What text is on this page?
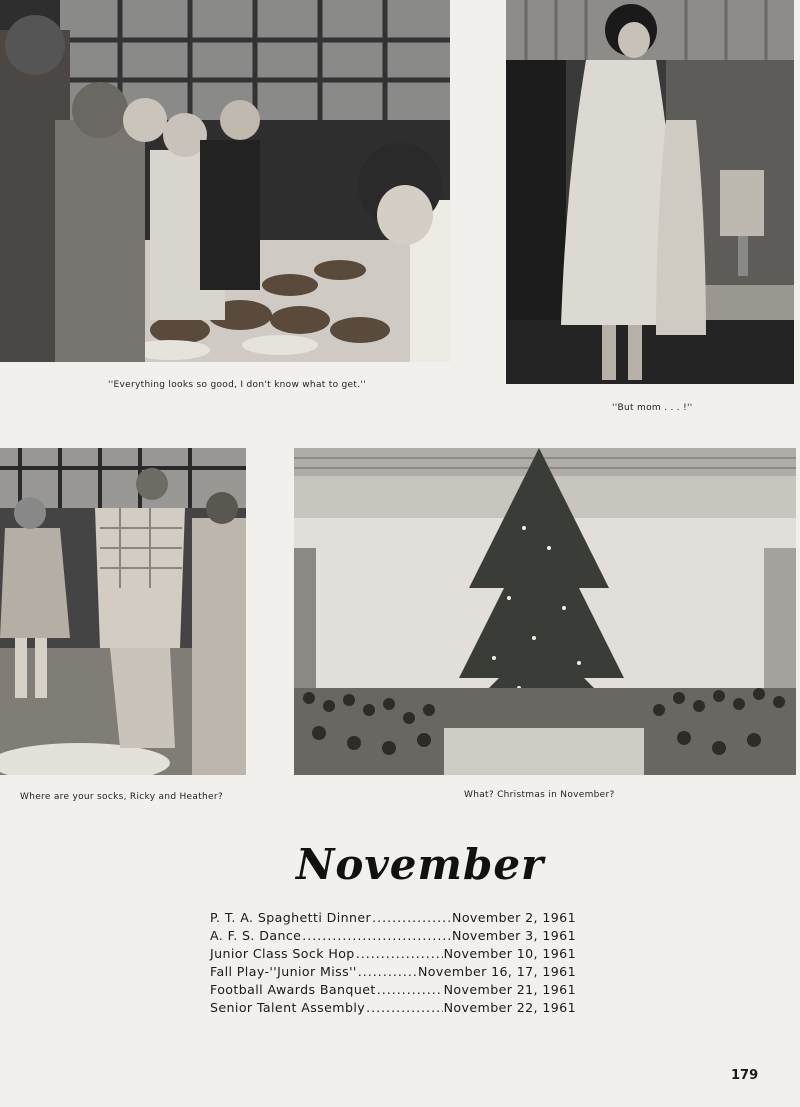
''Everything looks so good, I don't know what to get.''
''But mom . . . !''
Where are your socks, Ricky and Heather?	What? Christmas in November?
November
P. T. A. Spaghetti Dinner .....	November 2, 1961
A. F. S. Dance .....	November 3, 1961
Junior Class Sock Hop .....	November 10, 1961
Fall Play-''Junior Miss'' .....	November 16, 17, 1961
Football Awards Banquet .....	November 21, 1961
Senior Talent Assembly .....	November 22, 1961
179
